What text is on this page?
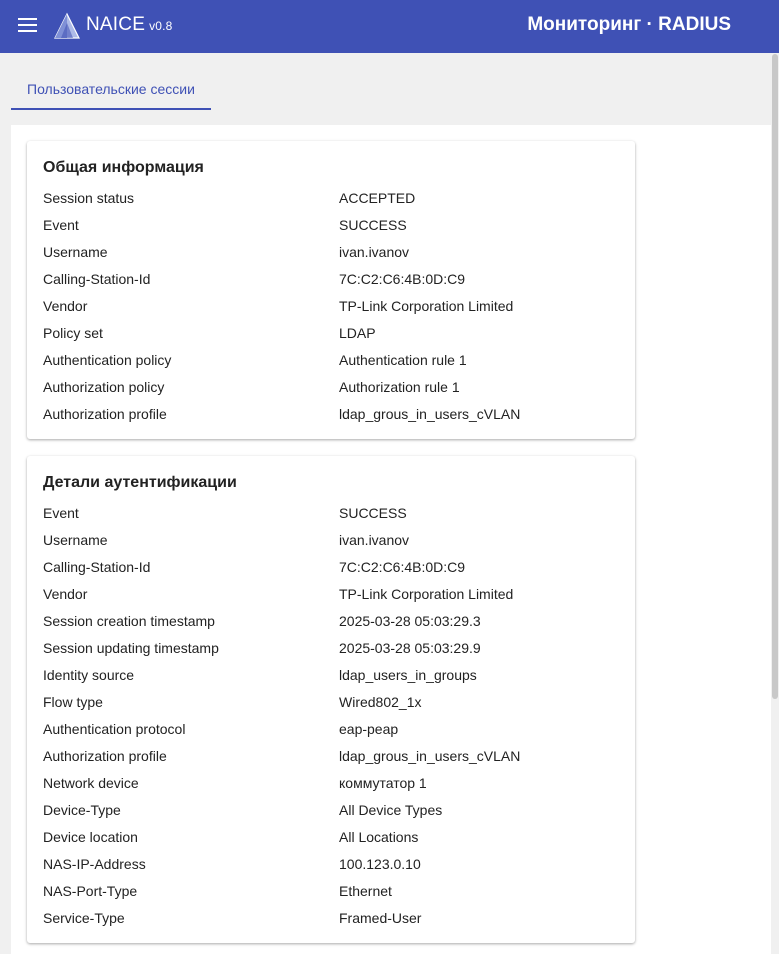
NAICE v0.8	Мониторинг · RADIUS
Пользовательские сессии
Общая информация
Session status	ACCEPTED
Event	SUCCESS
Username	ivan.ivanov
Calling-Station-Id	7C:C2:C6:4B:0D:C9
Vendor	TP-Link Corporation Limited
Policy set	LDAP
Authentication policy	Authentication rule 1
Authorization policy	Authorization rule 1
Authorization profile	ldap_grous_in_users_cVLAN
Детали аутентификации
Event	SUCCESS
Username	ivan.ivanov
Calling-Station-Id	7C:C2:C6:4B:0D:C9
Vendor	TP-Link Corporation Limited
Session creation timestamp	2025-03-28 05:03:29.3
Session updating timestamp	2025-03-28 05:03:29.9
Identity source	ldap_users_in_groups
Flow type	Wired802_1x
Authentication protocol	eap-peap
Authorization profile	ldap_grous_in_users_cVLAN
Network device	коммутатор 1
Device-Type	All Device Types
Device location	All Locations
NAS-IP-Address	100.123.0.10
NAS-Port-Type	Ethernet
Service-Type	Framed-User
